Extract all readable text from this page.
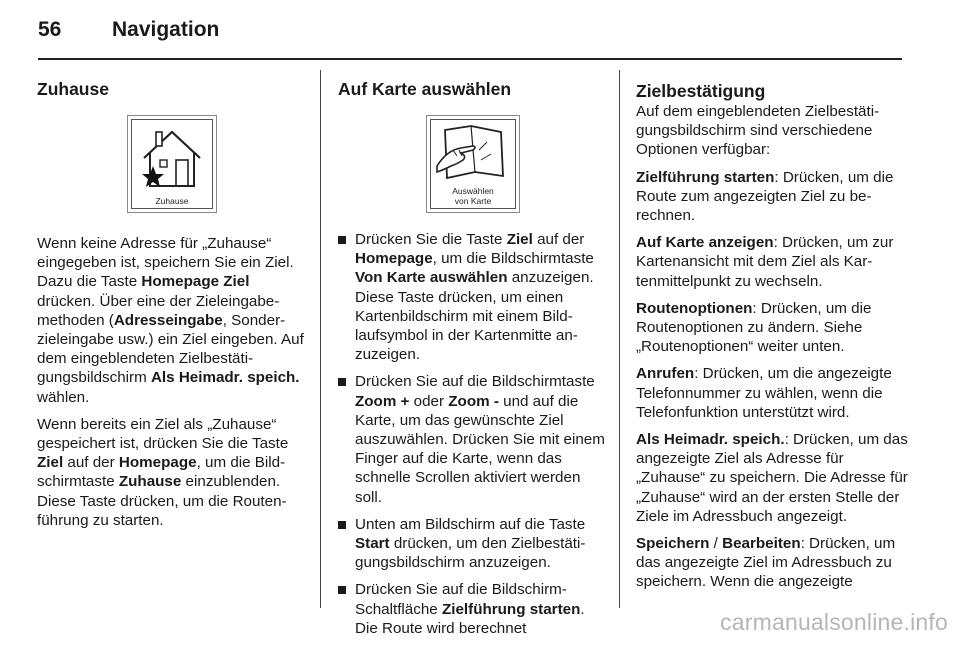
56 Navigation
Zuhause
Zuhause

Wenn keine Adresse für „Zuhause“ eingegeben ist, speichern Sie ein Ziel. Dazu die Taste Homepage Ziel drücken. Über eine der Zieleingabemethoden (Adresseingabe, Sonderzieleingabe usw.) ein Ziel eingeben. Auf dem eingeblendeten Zielbestätigungsbildschirm Als Heimadr. speich. wählen.

Wenn bereits ein Ziel als „Zuhause“ gespeichert ist, drücken Sie die Taste Ziel auf der Homepage, um die Bildschirmtaste Zuhause einzublenden. Diese Taste drücken, um die Routenführung zu starten.

Auf Karte auswählen
Auswählen
von Karte
Drücken Sie die Taste Ziel auf der Homepage, um die Bildschirmtaste Von Karte auswählen anzuzeigen. Diese Taste drücken, um einen Kartenbildschirm mit einem Bildlaufsymbol in der Kartenmitte anzuzeigen.
Drücken Sie auf die Bildschirmtaste Zoom + oder Zoom - und auf die Karte, um das gewünschte Ziel auszuwählen. Drücken Sie mit einem Finger auf die Karte, wenn das schnelle Scrollen aktiviert werden soll.
Unten am Bildschirm auf die Taste Start drücken, um den Zielbestätigungsbildschirm anzuzeigen.
Drücken Sie auf die Bildschirm-Schaltfläche Zielführung starten. Die Route wird berechnet
Zielbestätigung

Auf dem eingeblendeten Zielbestätigungsbildschirm sind verschiedene Optionen verfügbar:

Zielführung starten: Drücken, um die Route zum angezeigten Ziel zu berechnen.

Auf Karte anzeigen: Drücken, um zur Kartenansicht mit dem Ziel als Kartenmittelpunkt zu wechseln.

Routenoptionen: Drücken, um die Routenoptionen zu ändern. Siehe „Routenoptionen“ weiter unten.

Anrufen: Drücken, um die angezeigte Telefonnummer zu wählen, wenn die Telefonfunktion unterstützt wird.

Als Heimadr. speich.: Drücken, um das angezeigte Ziel als Adresse für „Zuhause“ zu speichern. Die Adresse für „Zuhause“ wird an der ersten Stelle der Ziele im Adressbuch angezeigt.

Speichern / Bearbeiten: Drücken, um das angezeigte Ziel im Adressbuch zu speichern. Wenn die angezeigte

carmanualsonline.info
